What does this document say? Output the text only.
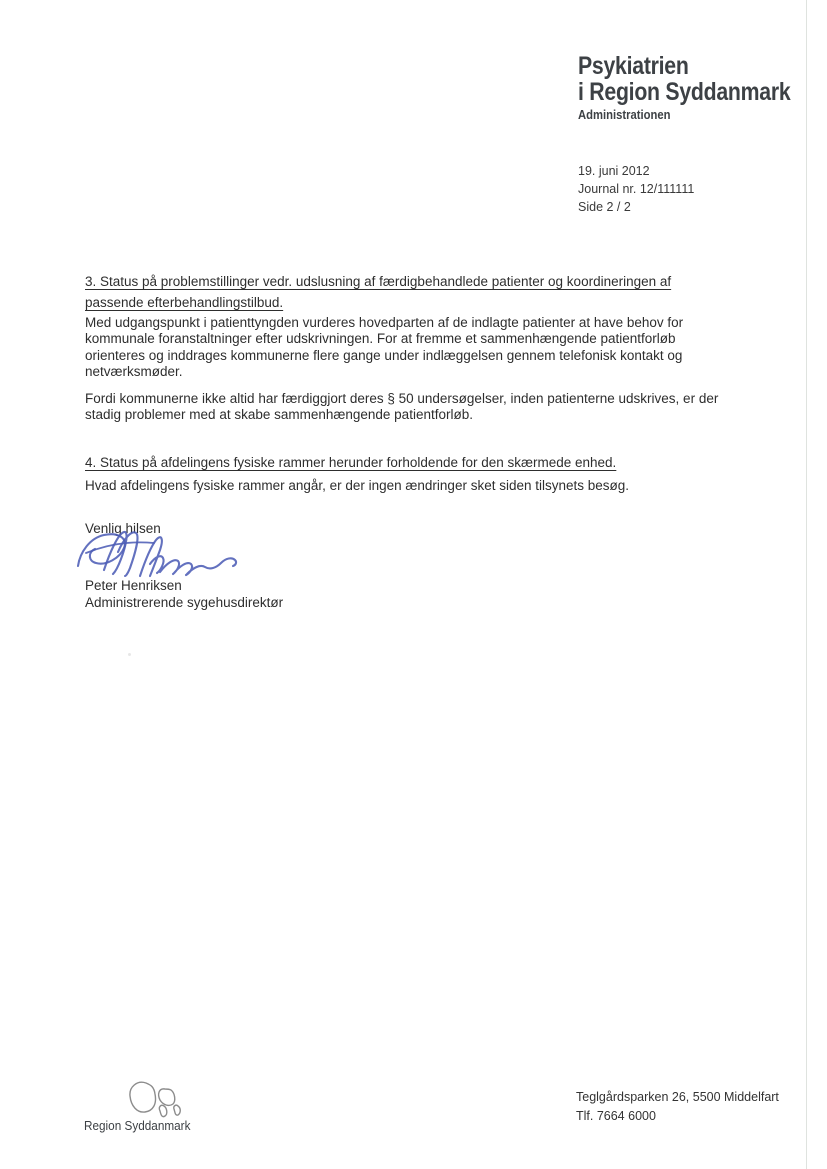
Psykiatrien
i Region Syddanmark
Administrationen
19. juni 2012
Journal nr. 12/111111
Side 2 / 2
3. Status på problemstillinger vedr. udslusning af færdigbehandlede patienter og koordineringen af passende efterbehandlingstilbud.
Med udgangspunkt i patienttyngden vurderes hovedparten af de indlagte patienter at have behov for kommunale foranstaltninger efter udskrivningen. For at fremme et sammenhængende patientforløb orienteres og inddrages kommunerne flere gange under indlæggelsen gennem telefonisk kontakt og netværksmøder.
Fordi kommunerne ikke altid har færdiggjort deres § 50 undersøgelser, inden patienterne udskrives, er der stadig problemer med at skabe sammenhængende patientforløb.
4. Status på afdelingens fysiske rammer herunder forholdende for den skærmede enhed.
Hvad afdelingens fysiske rammer angår, er der ingen ændringer sket siden tilsynets besøg.
Venlig hilsen
Peter Henriksen
Administrerende sygehusdirektør
Region Syddanmark
Teglgårdsparken 26, 5500 Middelfart
Tlf. 7664 6000
